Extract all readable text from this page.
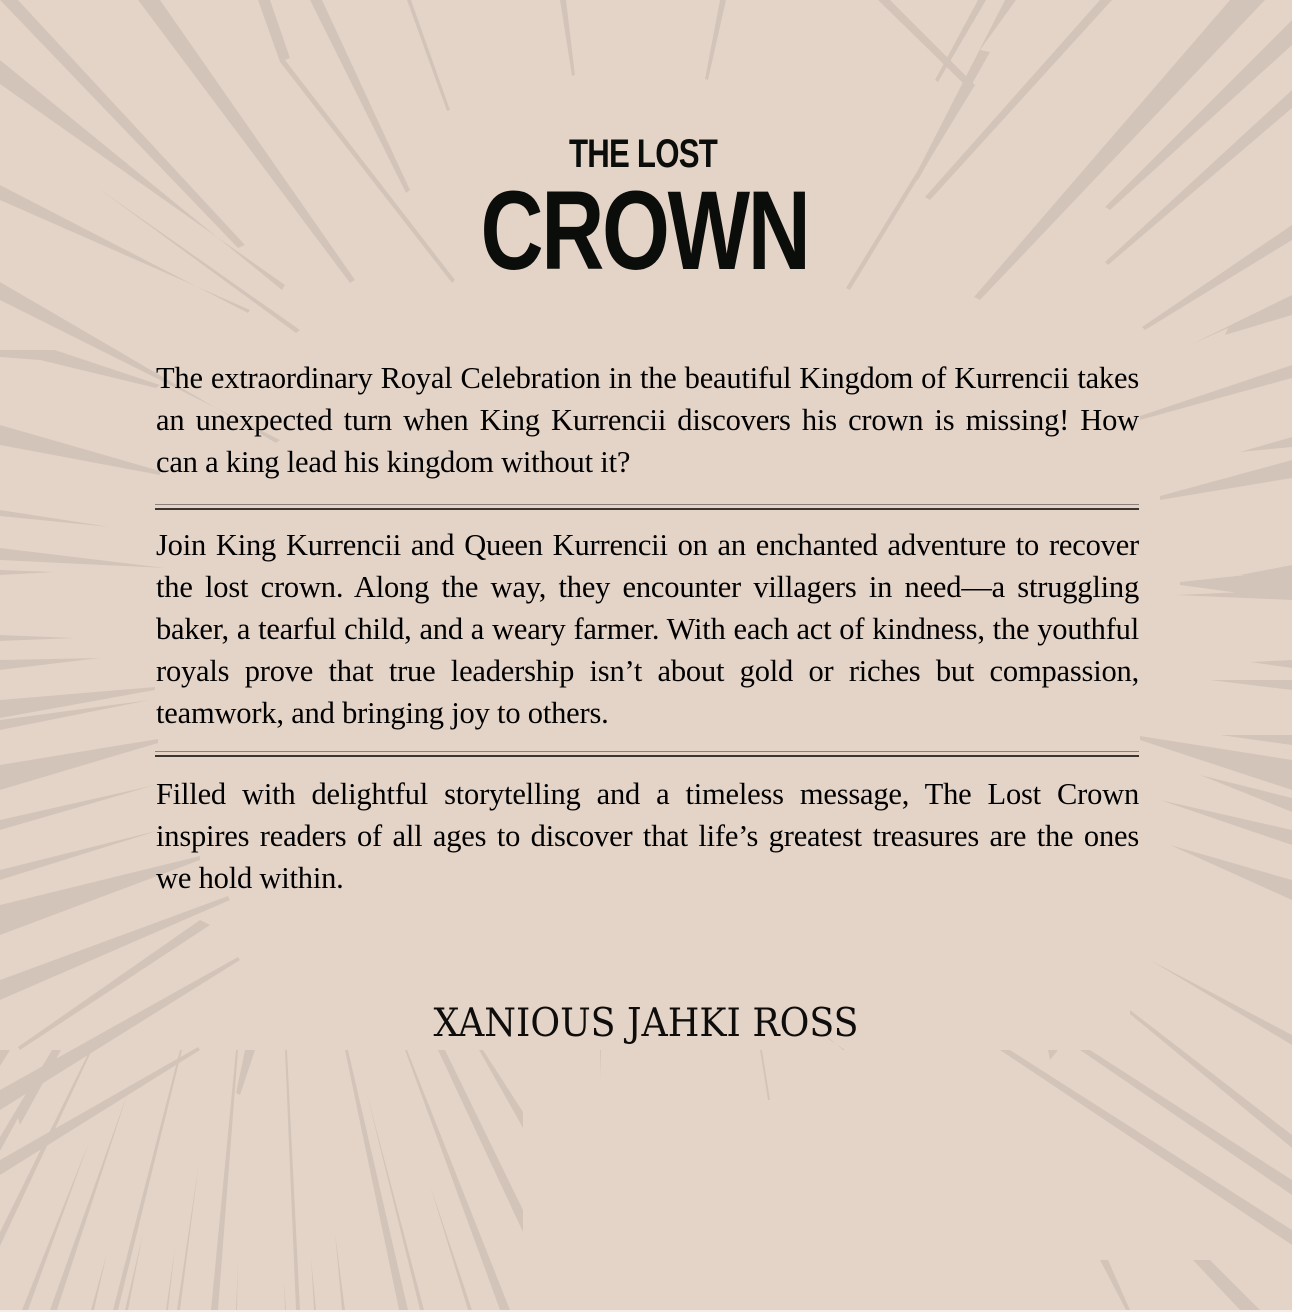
THE LOST
CROWN

The extraordinary Royal Celebration in the beautiful Kingdom of Kurrencii takes an unexpected turn when King Kurrencii discovers his crown is missing! How can a king lead his kingdom without it?

Join King Kurrencii and Queen Kurrencii on an enchanted adventure to recover the lost crown. Along the way, they encounter villagers in need—a struggling baker, a tearful child, and a weary farmer. With each act of kindness, the youthful royals prove that true leadership isn’t about gold or riches but compassion, teamwork, and bringing joy to others.

Filled with delightful storytelling and a timeless message, The Lost Crown inspires readers of all ages to discover that life’s greatest treasures are the ones we hold within.

XANIOUS JAHKI ROSS
